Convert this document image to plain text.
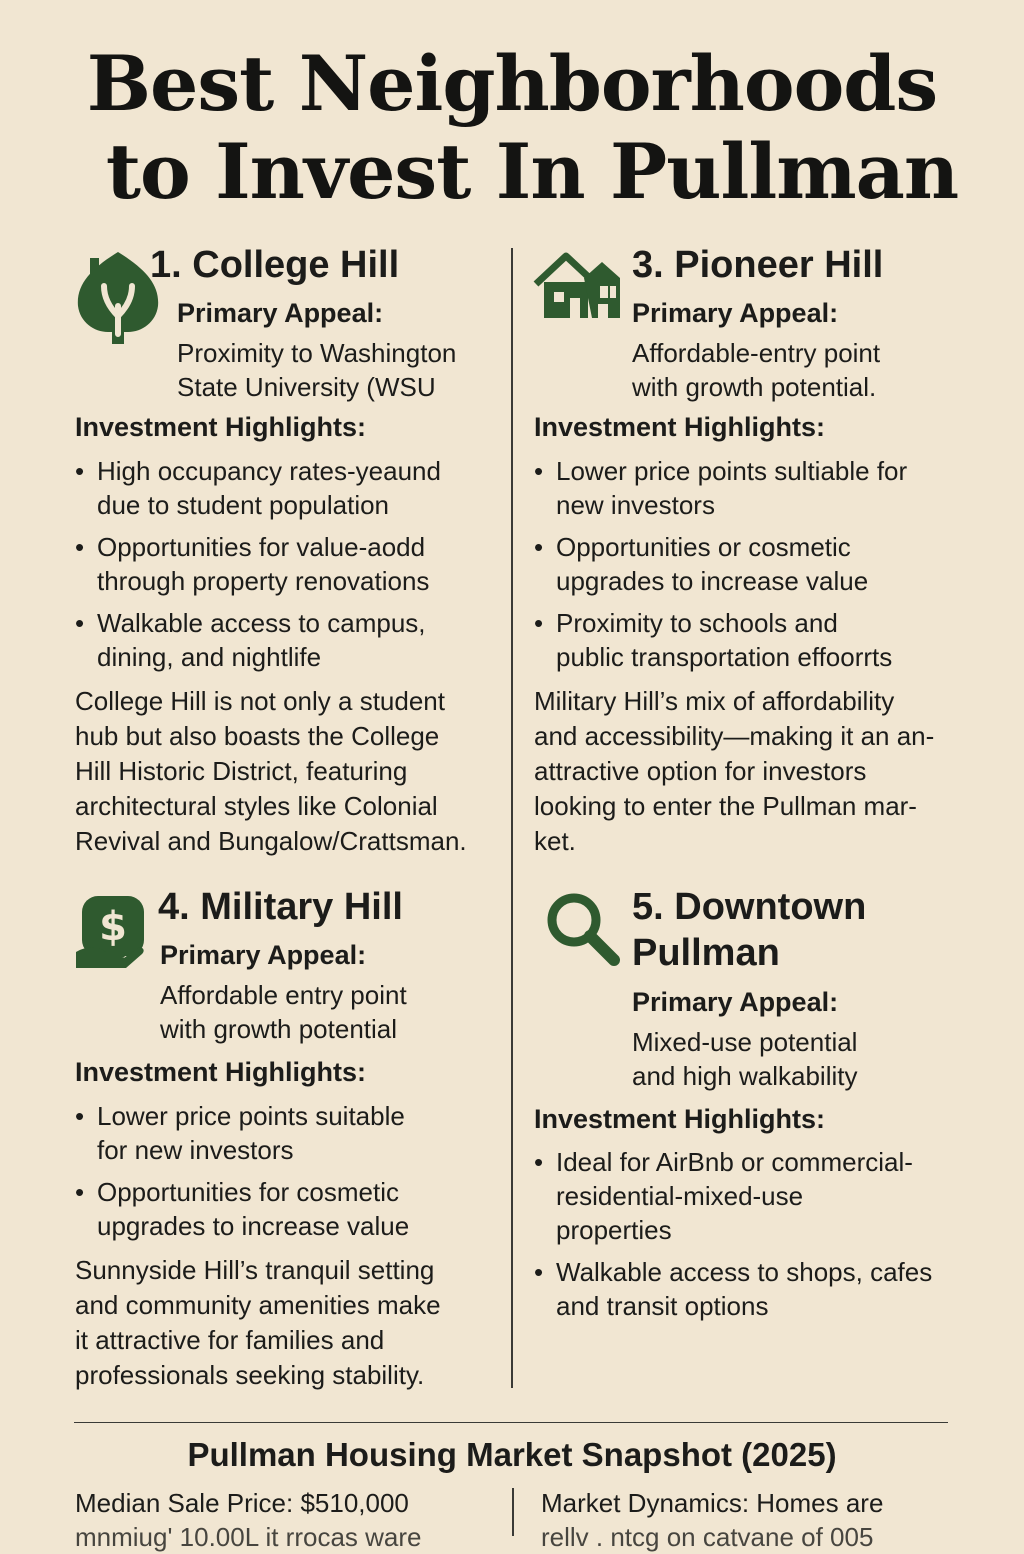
Best Neighborhoods

to Invest In Pullman
1. College Hill
Primary Appeal:
Proximity to Washington
State University (WSU
Investment Highlights:
• High occupancy rates-yeaund
due to student population
• Opportunities for value-aodd
through property renovations
• Walkable access to campus,
dining, and nightlife
College Hill is not only a student
hub but also boasts the College
Hill Historic District, featuring
architectural styles like Colonial
Revival and Bungalow/Crattsman.
3. Pioneer Hill
Primary Appeal:
Affordable-entry point
with growth potential.
Investment Highlights:
• Lower price points sultiable for
new investors
• Opportunities or cosmetic
upgrades to increase value
• Proximity to schools and
public transportation effoorrts
Military Hill’s mix of affordability
and accessibility—making it an an-
attractive option for investors
looking to enter the Pullman mar-
ket.
$ 4. Military Hill
Primary Appeal:
Affordable entry point
with growth potential
Investment Highlights:
• Lower price points suitable
for new investors
• Opportunities for cosmetic
upgrades to increase value
Sunnyside Hill’s tranquil setting
and community amenities make
it attractive for families and
professionals seeking stability.
5. Downtown
Pullman
Primary Appeal:
Mixed-use potential
and high walkability
Investment Highlights:
• Ideal for AirBnb or commercial-
residential-mixed-use
properties
• Walkable access to shops, cafes
and transit options
Pullman Housing Market Snapshot (2025)
Median Sale Price: $510,000
mnmiug' 10.00L it rrocas ware
Market Dynamics: Homes are
rellv . ntcg on catvane of 005
